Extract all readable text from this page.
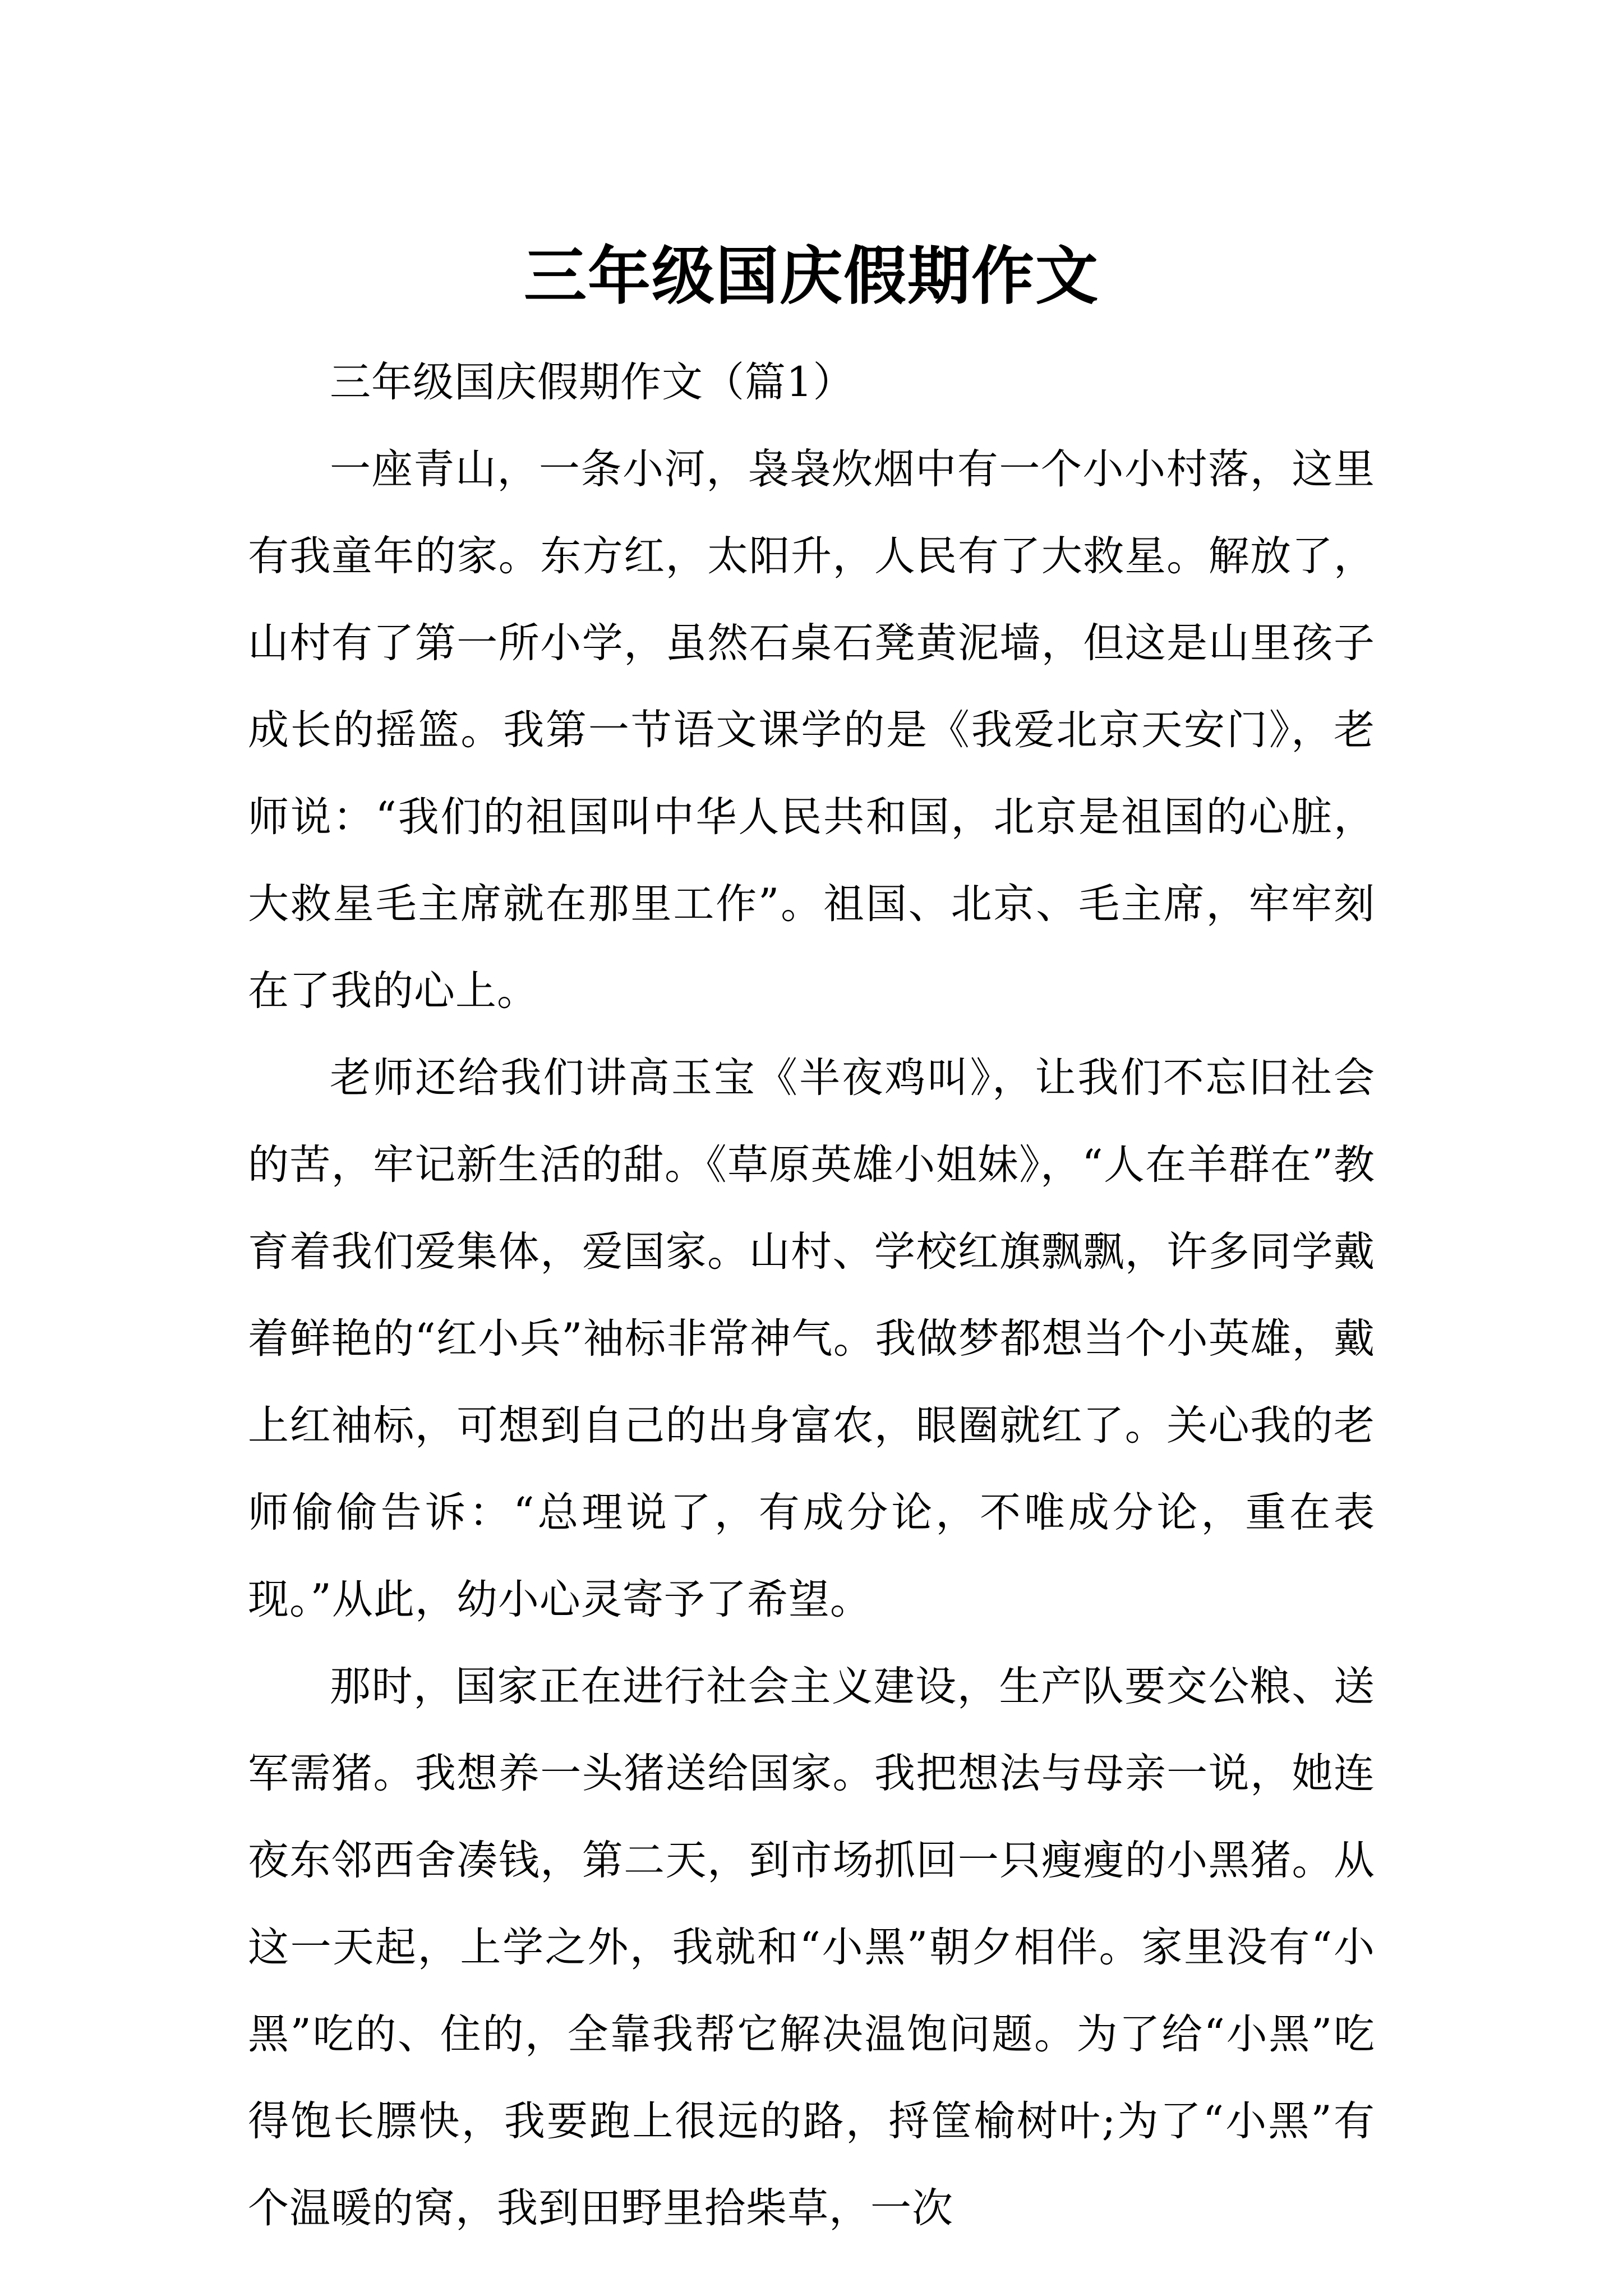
三年级国庆假期作文

三年级国庆假期作文（篇1）

一座青山，一条小河，袅袅炊烟中有一个小小村落，这里有我童年的家。东方红，太阳升，人民有了大救星。解放了，山村有了第一所小学，虽然石桌石凳黄泥墙，但这是山里孩子成长的摇篮。我第一节语文课学的是《我爱北京天安门》，老师说：“我们的祖国叫中华人民共和国，北京是祖国的心脏，大救星毛主席就在那里工作”。祖国、北京、毛主席，牢牢刻在了我的心上。

老师还给我们讲高玉宝《半夜鸡叫》，让我们不忘旧社会的苦，牢记新生活的甜。《草原英雄小姐妹》，“人在羊群在”教育着我们爱集体，爱国家。山村、学校红旗飘飘，许多同学戴着鲜艳的“红小兵”袖标非常神气。我做梦都想当个小英雄，戴上红袖标，可想到自己的出身富农，眼圈就红了。关心我的老师偷偷告诉：“总理说了，有成分论，不唯成分论，重在表现。”从此，幼小心灵寄予了希望。

那时，国家正在进行社会主义建设，生产队要交公粮、送军需猪。我想养一头猪送给国家。我把想法与母亲一说，她连夜东邻西舍凑钱，第二天，到市场抓回一只瘦瘦的小黑猪。从这一天起，上学之外，我就和“小黑”朝夕相伴。家里没有“小黑”吃的、住的，全靠我帮它解决温饱问题。为了给“小黑”吃得饱长膘快，我要跑上很远的路，捋筐榆树叶;为了“小黑”有个温暖的窝，我到田野里拾柴草，一次
